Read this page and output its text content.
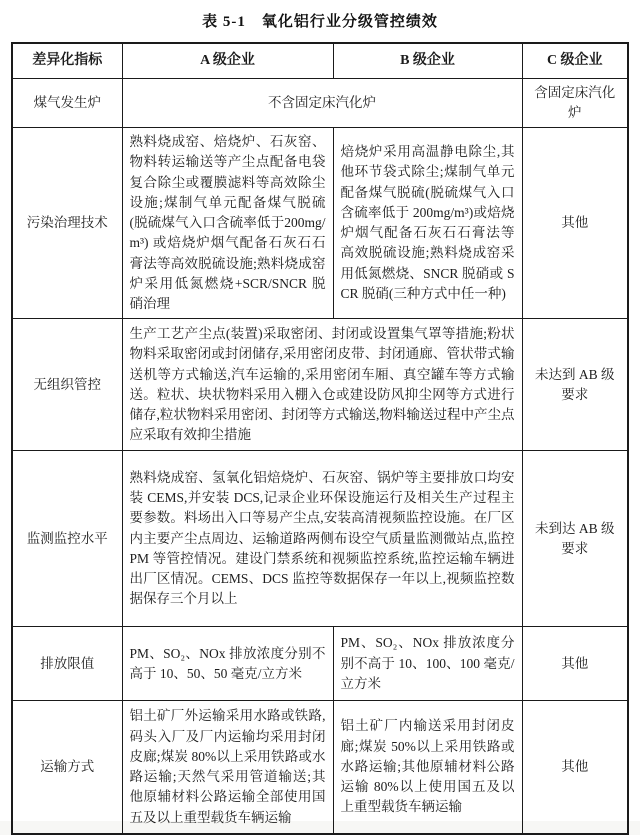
表 5-1　氧化铝行业分级管控绩效
差异化指标	A 级企业	B 级企业	C 级企业
煤气发生炉	不含固定床汽化炉		含固定床汽化炉
污染治理技术	熟料烧成窑、焙烧炉、石灰窑、物料转运输送等产尘点配备电袋复合除尘或覆膜滤料等高效除尘设施;煤制气单元配备煤气脱硫(脱硫煤气入口含硫率低于200mg/m³) 或焙烧炉烟气配备石灰石石膏法等高效脱硫设施;熟料烧成窑炉采用低氮燃烧+SCR/SNCR 脱硝治理	焙烧炉采用高温静电除尘,其他环节袋式除尘;煤制气单元配备煤气脱硫(脱硫煤气入口含硫率低于 200mg/m³)或焙烧炉烟气配备石灰石石膏法等高效脱硫设施;熟料烧成窑采用低氮燃烧、SNCR 脱硝或 SCR 脱硝(三种方式中任一种)	其他
无组织管控	生产工艺产尘点(装置)采取密闭、封闭或设置集气罩等措施;粉状物料采取密闭或封闭储存,采用密闭皮带、封闭通廊、管状带式输送机等方式输送,汽车运输的,采用密闭车厢、真空罐车等方式输送。粒状、块状物料采用入棚入仓或建设防风抑尘网等方式进行储存,粒状物料采用密闭、封闭等方式输送,物料输送过程中产尘点应采取有效抑尘措施		未达到 AB 级要求
监测监控水平	熟料烧成窑、氢氧化铝焙烧炉、石灰窑、锅炉等主要排放口均安装 CEMS,并安装 DCS,记录企业环保设施运行及相关生产过程主要参数。料场出入口等易产尘点,安装高清视频监控设施。在厂区内主要产尘点周边、运输道路两侧布设空气质量监测微站点,监控 PM 等管控情况。建设门禁系统和视频监控系统,监控运输车辆进出厂区情况。CEMS、DCS 监控等数据保存一年以上,视频监控数据保存三个月以上		未到达 AB 级要求
排放限值	PM、SO₂、NOx 排放浓度分别不高于 10、50、50 毫克/立方米	PM、SO₂、NOx 排放浓度分别不高于 10、100、100 毫克/立方米	其他
运输方式	铝土矿厂外运输采用水路或铁路,码头入厂及厂内运输均采用封闭皮廊;煤炭 80%以上采用铁路或水路运输;天然气采用管道输送;其他原辅材料公路运输全部使用国五及以上重型载货车辆运输	铝土矿厂内输送采用封闭皮廊;煤炭 50%以上采用铁路或水路运输;其他原辅材料公路运输 80%以上使用国五及以上重型载货车辆运输	其他
